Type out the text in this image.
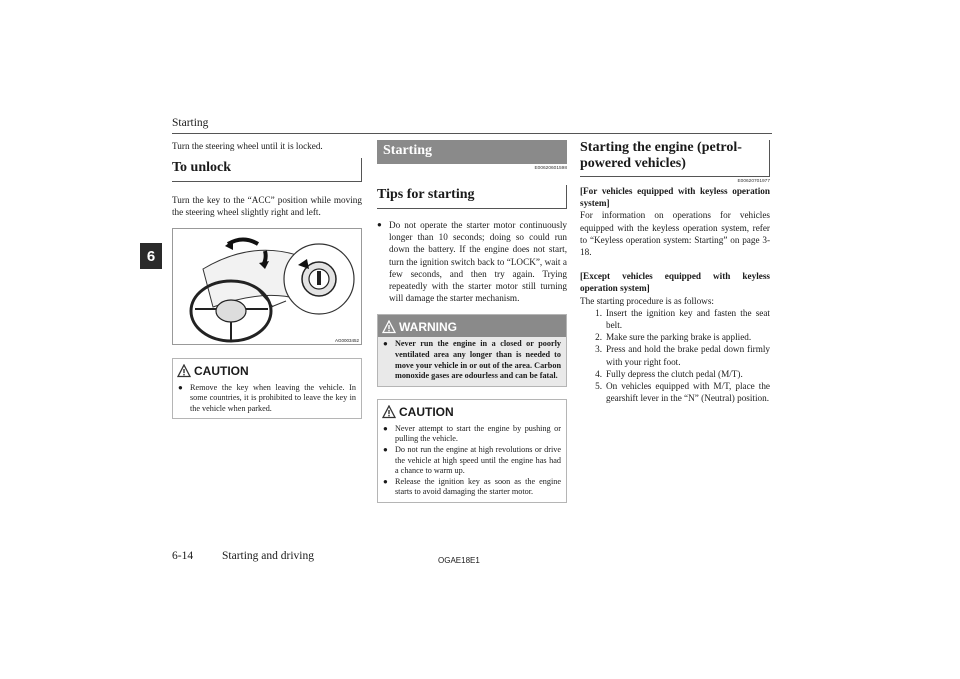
Starting
6

Turn the steering wheel until it is locked.

To unlock

Turn the key to the “ACC” position while moving the steering wheel slightly right and left.

AG0003452
CAUTION
● Remove the key when leaving the vehicle. In some countries, it is prohibited to leave the key in the vehicle when parked.
Starting
E00620601598
Tips for starting
● Do not operate the starter motor continuously longer than 10 seconds; doing so could run down the battery. If the engine does not start, turn the ignition switch back to “LOCK”, wait a few seconds, and then try again. Trying repeatedly with the starter motor still turning will damage the starter mechanism.
WARNING
● Never run the engine in a closed or poorly ventilated area any longer than is needed to move your vehicle in or out of the area. Carbon monoxide gases are odourless and can be fatal.
CAUTION
● Never attempt to start the engine by pushing or pulling the vehicle.
● Do not run the engine at high revolutions or drive the vehicle at high speed until the engine has had a chance to warm up.
● Release the ignition key as soon as the engine starts to avoid damaging the starter motor.
Starting the engine (petrol-powered vehicles)
E00620701977

[For vehicles equipped with keyless operation system]

For information on operations for vehicles equipped with the keyless operation system, refer to “Keyless operation system: Starting” on page 3-18.

[Except vehicles equipped with keyless operation system]

The starting procedure is as follows:

1. Insert the ignition key and fasten the seat belt.
2. Make sure the parking brake is applied.
3. Press and hold the brake pedal down firmly with your right foot.
4. Fully depress the clutch pedal (M/T).
5. On vehicles equipped with M/T, place the gearshift lever in the “N” (Neutral) position.
6-14	Starting and driving	OGAE18E1
